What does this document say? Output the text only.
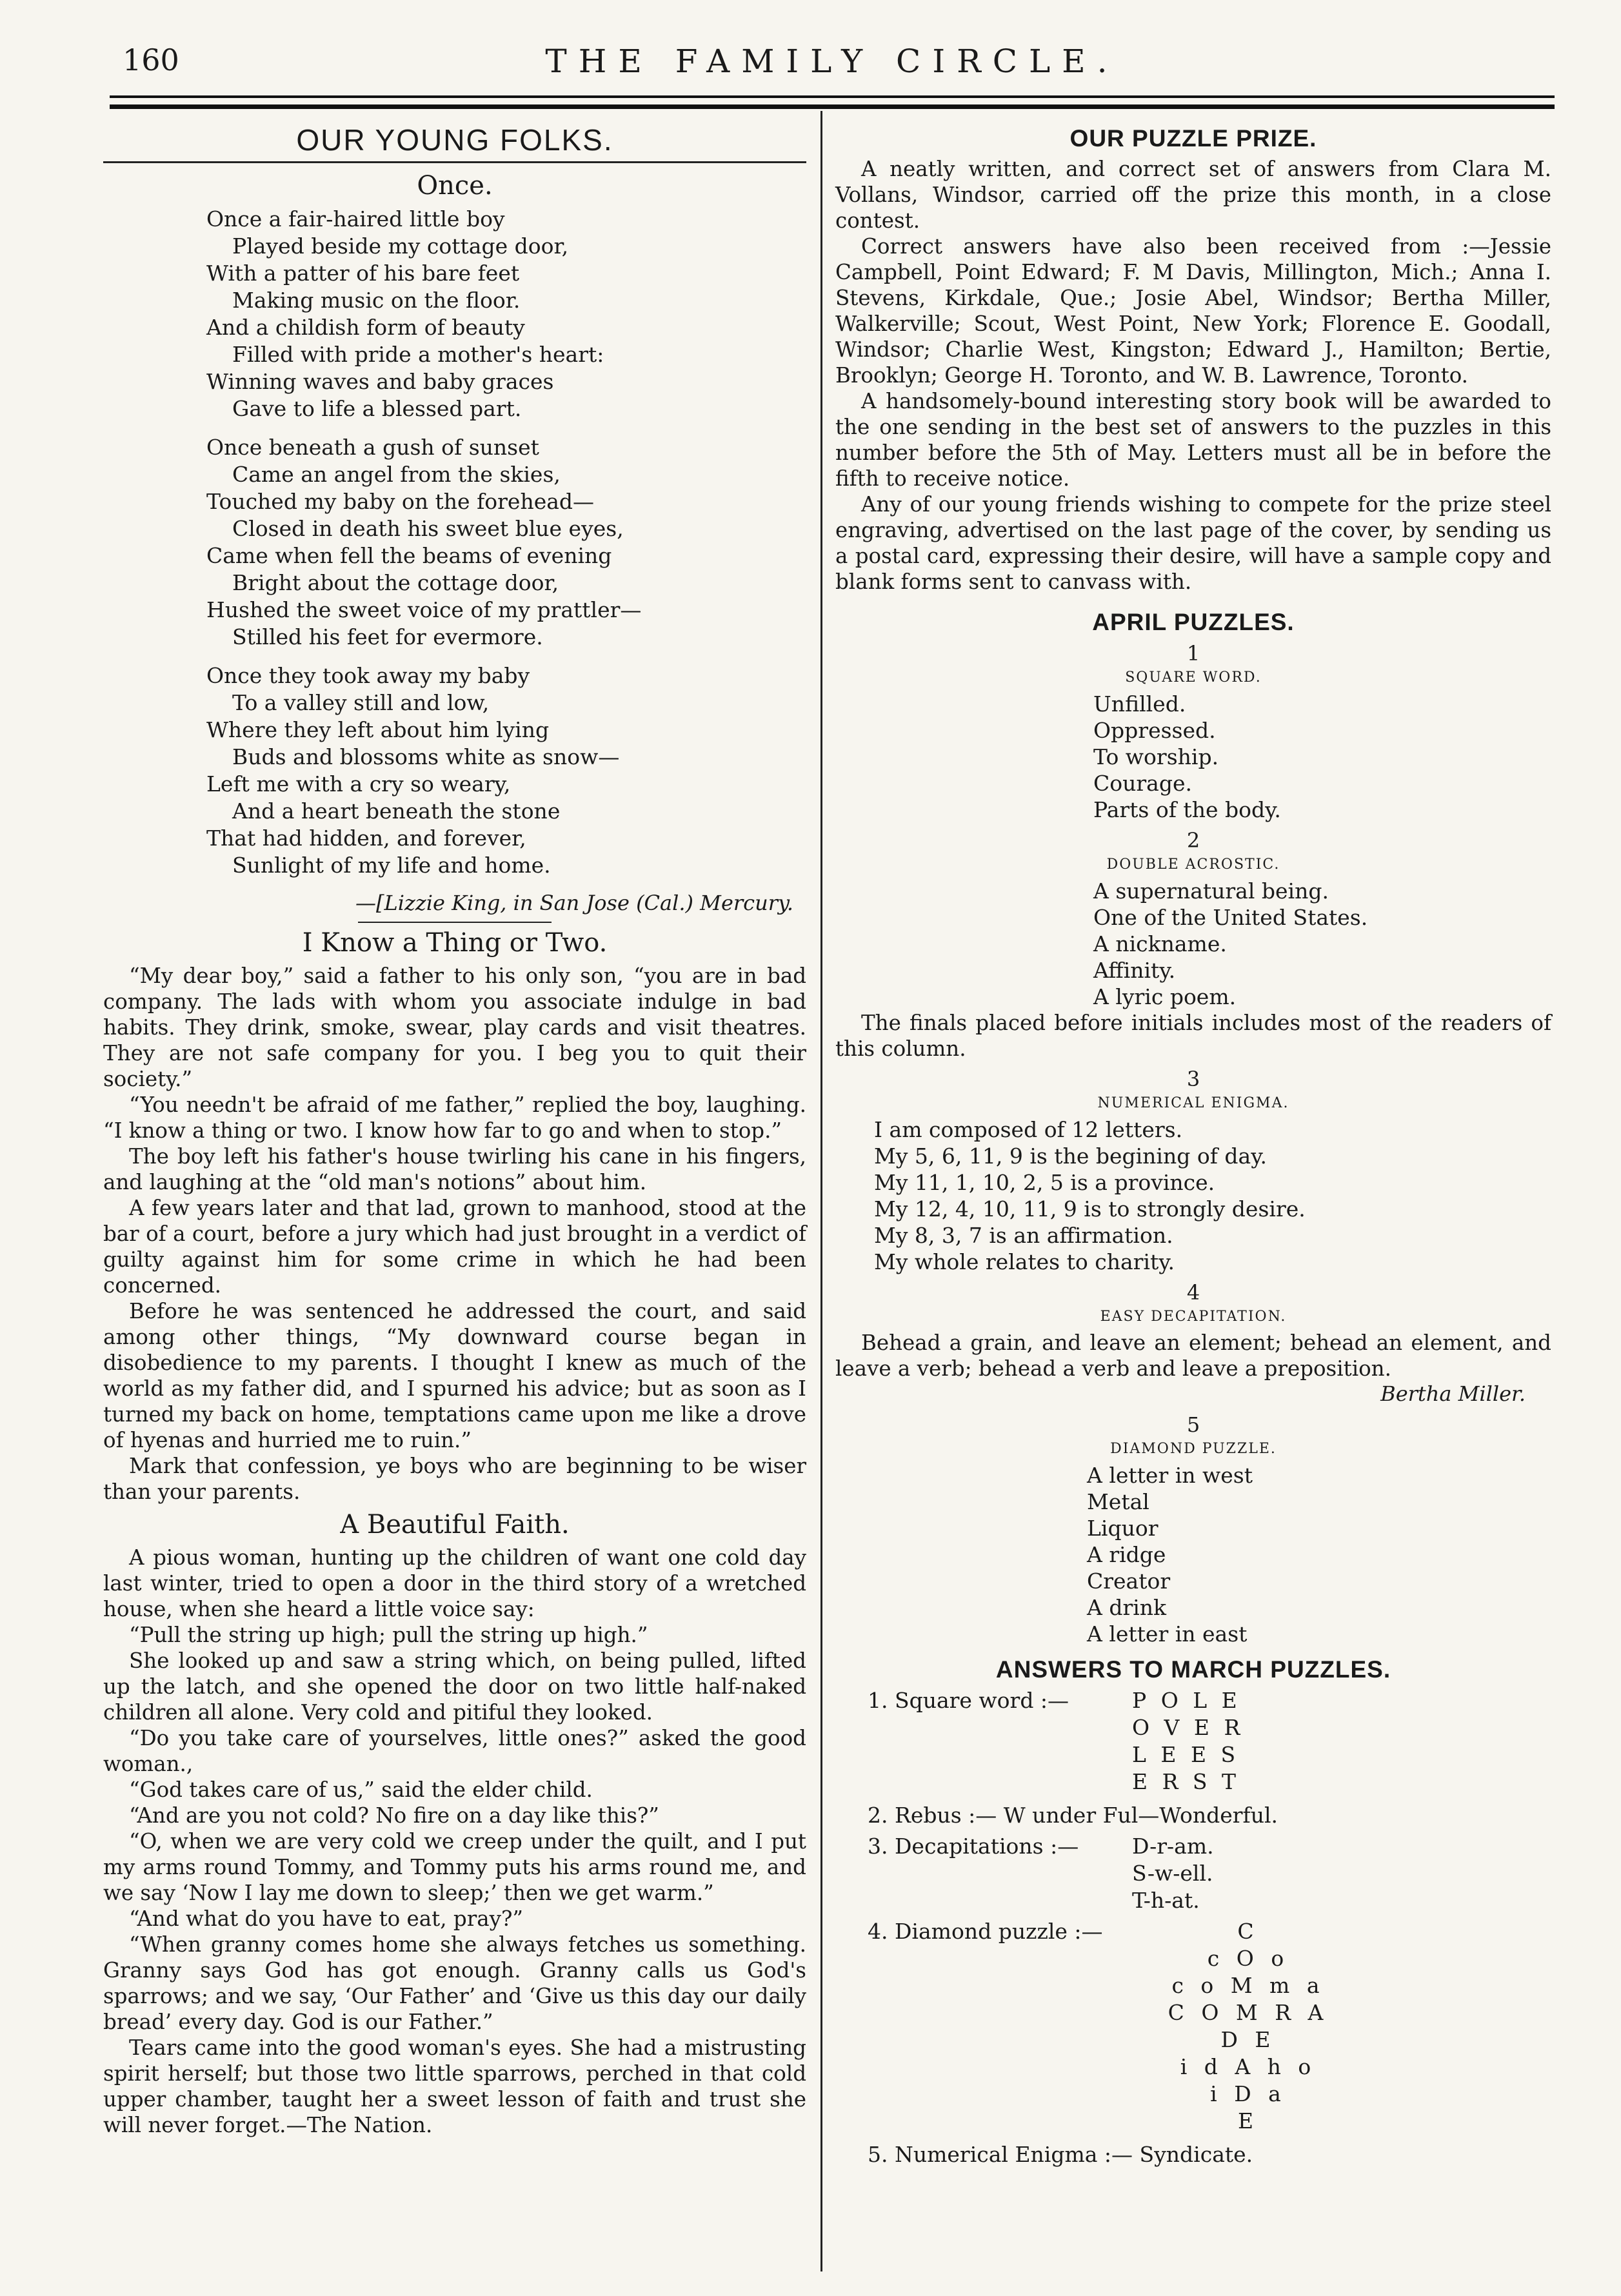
160	THE FAMILY CIRCLE.
OUR YOUNG FOLKS.
Once.
Once a fair-haired little boy
Played beside my cottage door,
With a patter of his bare feet
Making music on the floor.
And a childish form of beauty
Filled with pride a mother's heart:
Winning waves and baby graces
Gave to life a blessed part.
Once beneath a gush of sunset
Came an angel from the skies,
Touched my baby on the forehead—
Closed in death his sweet blue eyes,
Came when fell the beams of evening
Bright about the cottage door,
Hushed the sweet voice of my prattler—
Stilled his feet for evermore.
Once they took away my baby
To a valley still and low,
Where they left about him lying
Buds and blossoms white as snow—
Left me with a cry so weary,
And a heart beneath the stone
That had hidden, and forever,
Sunlight of my life and home.
—[Lizzie King, in San Jose (Cal.) Mercury.
I Know a Thing or Two.

“My dear boy,” said a father to his only son, “you are in bad company. The lads with whom you associate indulge in bad habits. They drink, smoke, swear, play cards and visit theatres. They are not safe company for you. I beg you to quit their society.”

“You needn't be afraid of me father,” replied the boy, laughing. “I know a thing or two. I know how far to go and when to stop.”

The boy left his father's house twirling his cane in his fingers, and laughing at the “old man's notions” about him.

A few years later and that lad, grown to manhood, stood at the bar of a court, before a jury which had just brought in a verdict of guilty against him for some crime in which he had been concerned.

Before he was sentenced he addressed the court, and said among other things, “My downward course began in disobedience to my parents. I thought I knew as much of the world as my father did, and I spurned his advice; but as soon as I turned my back on home, temptations came upon me like a drove of hyenas and hurried me to ruin.”

Mark that confession, ye boys who are beginning to be wiser than your parents.

A Beautiful Faith.

A pious woman, hunting up the children of want one cold day last winter, tried to open a door in the third story of a wretched house, when she heard a little voice say:

“Pull the string up high; pull the string up high.”

She looked up and saw a string which, on being pulled, lifted up the latch, and she opened the door on two little half-naked children all alone. Very cold and pitiful they looked.

“Do you take care of yourselves, little ones?” asked the good woman.,

“God takes care of us,” said the elder child.

“And are you not cold? No fire on a day like this?”

“O, when we are very cold we creep under the quilt, and I put my arms round Tommy, and Tommy puts his arms round me, and we say ‘Now I lay me down to sleep;’ then we get warm.”

“And what do you have to eat, pray?”

“When granny comes home she always fetches us something. Granny says God has got enough. Granny calls us God's sparrows; and we say, ‘Our Father’ and ‘Give us this day our daily bread’ every day. God is our Father.”

Tears came into the good woman's eyes. She had a mistrusting spirit herself; but those two little sparrows, perched in that cold upper chamber, taught her a sweet lesson of faith and trust she will never forget.—The Nation.

OUR PUZZLE PRIZE.

A neatly written, and correct set of answers from Clara M. Vollans, Windsor, carried off the prize this month, in a close contest.

Correct answers have also been received from :—Jessie Campbell, Point Edward; F. M Davis, Millington, Mich.; Anna I. Stevens, Kirkdale, Que.; Josie Abel, Windsor; Bertha Miller, Walkerville; Scout, West Point, New York; Florence E. Goodall, Windsor; Charlie West, Kingston; Edward J., Hamilton; Bertie, Brooklyn; George H. Toronto, and W. B. Lawrence, Toronto.

A handsomely-bound interesting story book will be awarded to the one sending in the best set of answers to the puzzles in this number before the 5th of May. Letters must all be in before the fifth to receive notice.

Any of our young friends wishing to compete for the prize steel engraving, advertised on the last page of the cover, by sending us a postal card, expressing their desire, will have a sample copy and blank forms sent to canvass with.

APRIL PUZZLES.
1
SQUARE WORD.
Unfilled.
Oppressed.
To worship.
Courage.
Parts of the body.
2
DOUBLE ACROSTIC.
A supernatural being.
One of the United States.
A nickname.
Affinity.
A lyric poem.

The finals placed before initials includes most of the readers of this column.

3
NUMERICAL ENIGMA.
I am composed of 12 letters.
My 5, 6, 11, 9 is the begining of day.
My 11, 1, 10, 2, 5 is a province.
My 12, 4, 10, 11, 9 is to strongly desire.
My 8, 3, 7 is an affirmation.
My whole relates to charity.
4
EASY DECAPITATION.

Behead a grain, and leave an element; behead an element, and leave a verb; behead a verb and leave a preposition.

Bertha Miller.
5
DIAMOND PUZZLE.
A letter in west
Metal
Liquor
A ridge
Creator
A drink
A letter in east
ANSWERS TO MARCH PUZZLES.
1. Square word :—	P O L E
O V E R
L E E S
E R S T
2. Rebus :— W under Ful—Wonderful.
3. Decapitations :—	D-r-am.
S-w-ell.
T-h-at.
4. Diamond puzzle :—	C
c O o
c o M m a
C O M R A D E
i d A h o
i D a
E
5. Numerical Enigma :— Syndicate.
